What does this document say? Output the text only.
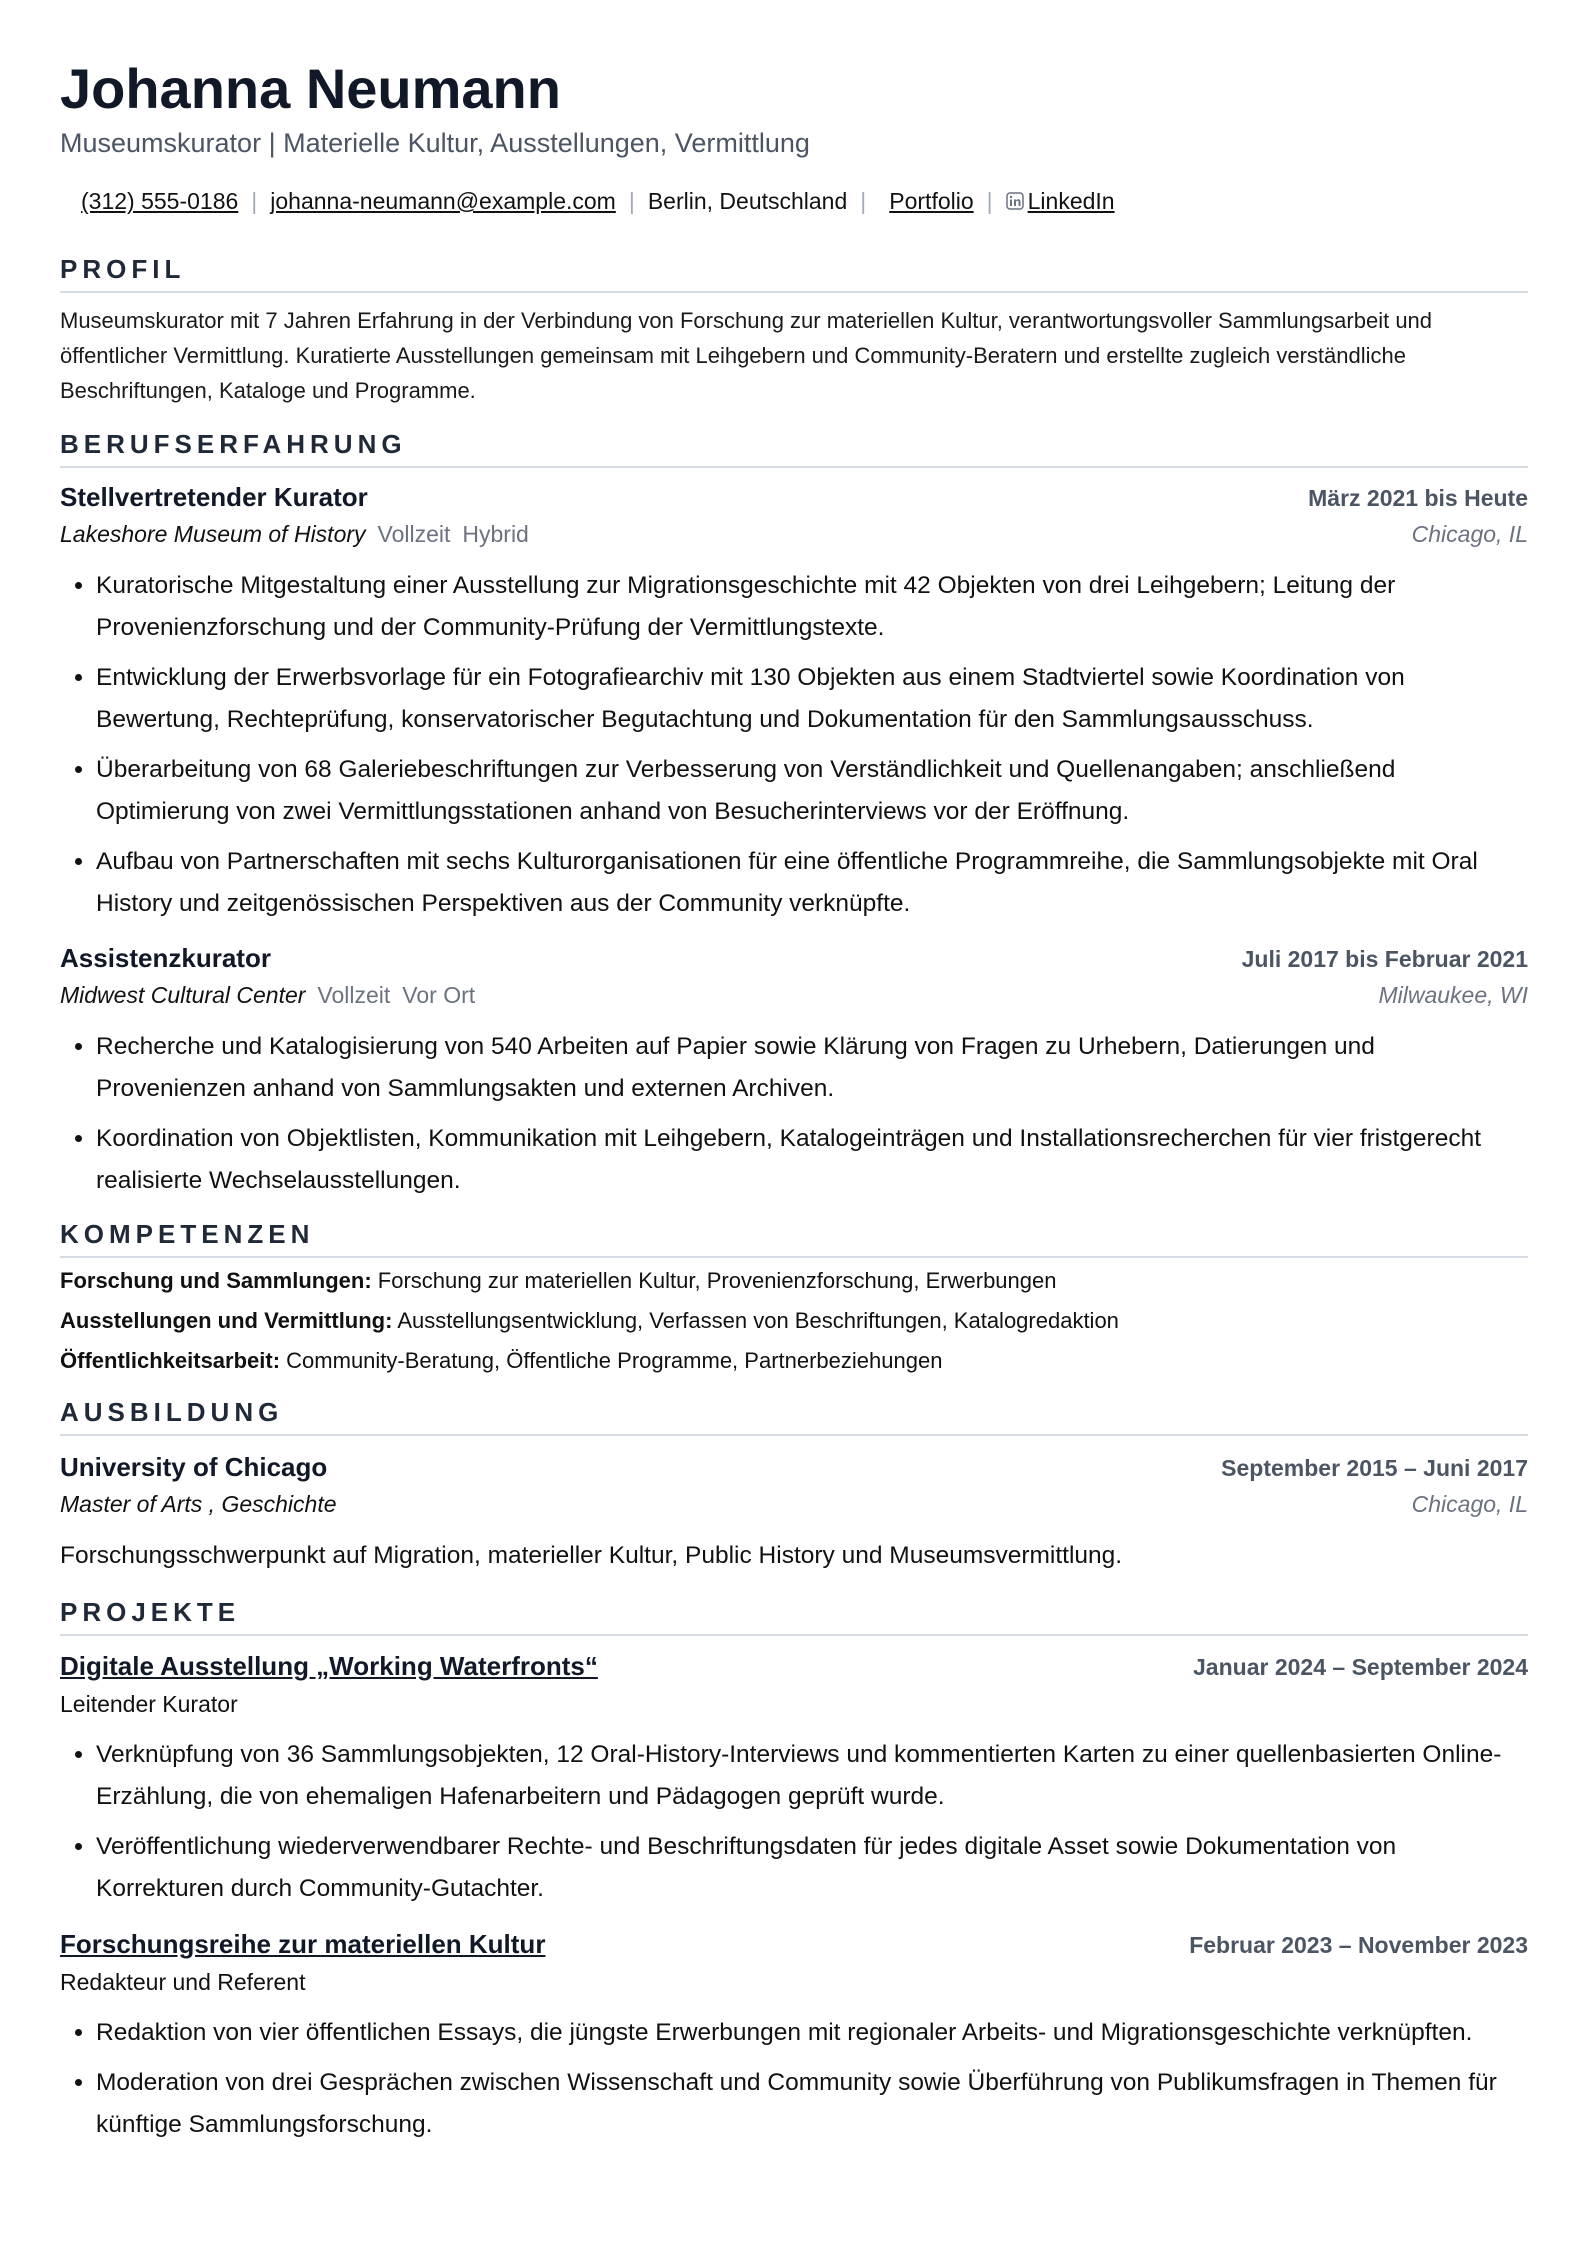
Johanna Neumann
Museumskurator | Materielle Kultur, Ausstellungen, Vermittlung
(312) 555-0186 | johanna-neumann@example.com | Berlin, Deutschland | Portfolio | LinkedIn
PROFIL
Museumskurator mit 7 Jahren Erfahrung in der Verbindung von Forschung zur materiellen Kultur, verantwortungsvoller Sammlungsarbeit und öffentlicher Vermittlung. Kuratierte Ausstellungen gemeinsam mit Leihgebern und Community-Beratern und erstellte zugleich verständliche Beschriftungen, Kataloge und Programme.
BERUFSERFAHRUNG
Stellvertretender Kurator	März 2021 bis Heute
Lakeshore Museum of History Vollzeit Hybrid	Chicago, IL
• Kuratorische Mitgestaltung einer Ausstellung zur Migrationsgeschichte mit 42 Objekten von drei Leihgebern; Leitung der Provenienzforschung und der Community-Prüfung der Vermittlungstexte.
• Entwicklung der Erwerbsvorlage für ein Fotografiearchiv mit 130 Objekten aus einem Stadtviertel sowie Koordination von Bewertung, Rechteprüfung, konservatorischer Begutachtung und Dokumentation für den Sammlungsausschuss.
• Überarbeitung von 68 Galeriebeschriftungen zur Verbesserung von Verständlichkeit und Quellenangaben; anschließend Optimierung von zwei Vermittlungsstationen anhand von Besucherinterviews vor der Eröffnung.
• Aufbau von Partnerschaften mit sechs Kulturorganisationen für eine öffentliche Programmreihe, die Sammlungsobjekte mit Oral History und zeitgenössischen Perspektiven aus der Community verknüpfte.
Assistenzkurator	Juli 2017 bis Februar 2021
Midwest Cultural Center Vollzeit Vor Ort	Milwaukee, WI
• Recherche und Katalogisierung von 540 Arbeiten auf Papier sowie Klärung von Fragen zu Urhebern, Datierungen und Provenienzen anhand von Sammlungsakten und externen Archiven.
• Koordination von Objektlisten, Kommunikation mit Leihgebern, Katalogeinträgen und Installationsrecherchen für vier fristgerecht realisierte Wechselausstellungen.
KOMPETENZEN
Forschung und Sammlungen: Forschung zur materiellen Kultur, Provenienzforschung, Erwerbungen
Ausstellungen und Vermittlung: Ausstellungsentwicklung, Verfassen von Beschriftungen, Katalogredaktion
Öffentlichkeitsarbeit: Community-Beratung, Öffentliche Programme, Partnerbeziehungen
AUSBILDUNG
University of Chicago	September 2015 – Juni 2017
Master of Arts , Geschichte	Chicago, IL
Forschungsschwerpunkt auf Migration, materieller Kultur, Public History und Museumsvermittlung.
PROJEKTE
Digitale Ausstellung „Working Waterfronts“	Januar 2024 – September 2024
Leitender Kurator
• Verknüpfung von 36 Sammlungsobjekten, 12 Oral-History-Interviews und kommentierten Karten zu einer quellenbasierten Online-Erzählung, die von ehemaligen Hafenarbeitern und Pädagogen geprüft wurde.
• Veröffentlichung wiederverwendbarer Rechte- und Beschriftungsdaten für jedes digitale Asset sowie Dokumentation von Korrekturen durch Community-Gutachter.
Forschungsreihe zur materiellen Kultur	Februar 2023 – November 2023
Redakteur und Referent
• Redaktion von vier öffentlichen Essays, die jüngste Erwerbungen mit regionaler Arbeits- und Migrationsgeschichte verknüpften.
• Moderation von drei Gesprächen zwischen Wissenschaft und Community sowie Überführung von Publikumsfragen in Themen für künftige Sammlungsforschung.
